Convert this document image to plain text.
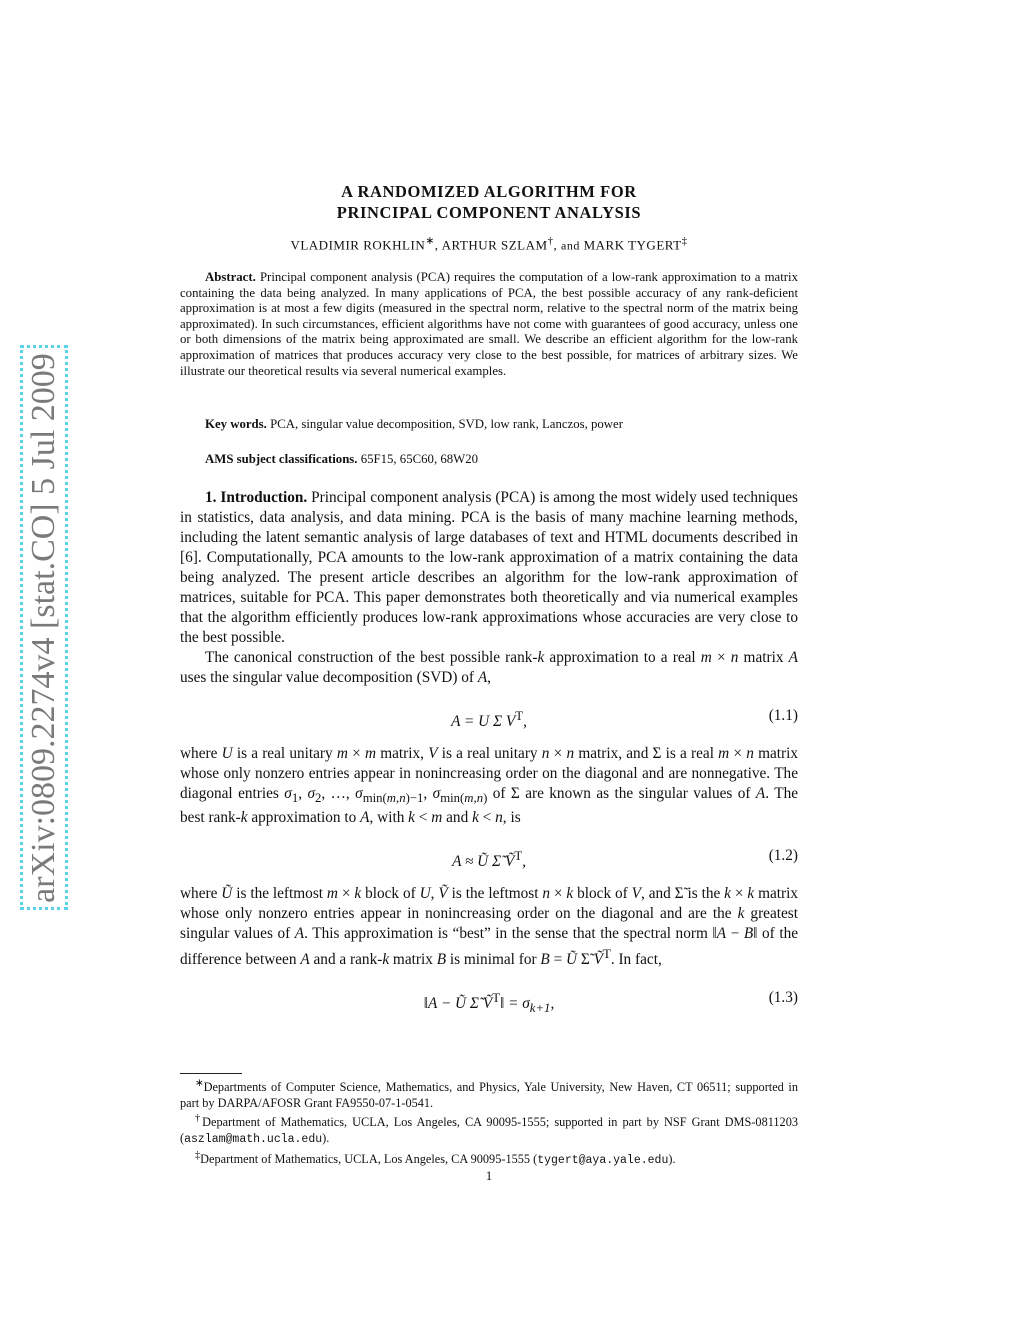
arXiv:0809.2274v4 [stat.CO] 5 Jul 2009
A RANDOMIZED ALGORITHM FOR
PRINCIPAL COMPONENT ANALYSIS
VLADIMIR ROKHLIN∗, ARTHUR SZLAM†, and MARK TYGERT‡

Abstract. Principal component analysis (PCA) requires the computation of a low-rank approximation to a matrix containing the data being analyzed. In many applications of PCA, the best possible accuracy of any rank-deficient approximation is at most a few digits (measured in the spectral norm, relative to the spectral norm of the matrix being approximated). In such circumstances, efficient algorithms have not come with guarantees of good accuracy, unless one or both dimensions of the matrix being approximated are small. We describe an efficient algorithm for the low-rank approximation of matrices that produces accuracy very close to the best possible, for matrices of arbitrary sizes. We illustrate our theoretical results via several numerical examples.

Key words. PCA, singular value decomposition, SVD, low rank, Lanczos, power
AMS subject classifications. 65F15, 65C60, 68W20

1. Introduction. Principal component analysis (PCA) is among the most widely used techniques in statistics, data analysis, and data mining. PCA is the basis of many machine learning methods, including the latent semantic analysis of large databases of text and HTML documents described in [6]. Computationally, PCA amounts to the low-rank approximation of a matrix containing the data being analyzed. The present article describes an algorithm for the low-rank approximation of matrices, suitable for PCA. This paper demonstrates both theoretically and via numerical examples that the algorithm efficiently produces low-rank approximations whose accuracies are very close to the best possible.

The canonical construction of the best possible rank-k approximation to a real m × n matrix A uses the singular value decomposition (SVD) of A,

A = U Σ $V^T$,	(1.1)

where U is a real unitary m × m matrix, V is a real unitary n × n matrix, and Σ is a real m × n matrix whose only nonzero entries appear in nonincreasing order on the diagonal and are nonnegative. The diagonal entries $\sigma_1$, $\sigma_2$, …, $\sigma_{min(m,n)-1}$, $\sigma_{min(m,n)}$ of Σ are known as the singular values of A. The best rank-k approximation to A, with k < m and k < n, is

A ≈ Ũ Σ̃ Ṽ$^T$,	(1.2)

where Ũ is the leftmost m × k block of U, Ṽ is the leftmost n × k block of V, and Σ̃ is the k × k matrix whose only nonzero entries appear in nonincreasing order on the diagonal and are the k greatest singular values of A. This approximation is “best” in the sense that the spectral norm ‖A − B‖ of the difference between A and a rank-k matrix B is minimal for B = Ũ Σ̃ Ṽ$^T$. In fact,

‖A − Ũ Σ̃ Ṽ$^T$‖ = $\sigma_{k+1}$,	(1.3)

∗Departments of Computer Science, Mathematics, and Physics, Yale University, New Haven, CT 06511; supported in part by DARPA/AFOSR Grant FA9550-07-1-0541.

†Department of Mathematics, UCLA, Los Angeles, CA 90095-1555; supported in part by NSF Grant DMS-0811203 (aszlam@math.ucla.edu).

‡Department of Mathematics, UCLA, Los Angeles, CA 90095-1555 (tygert@aya.yale.edu).

1
